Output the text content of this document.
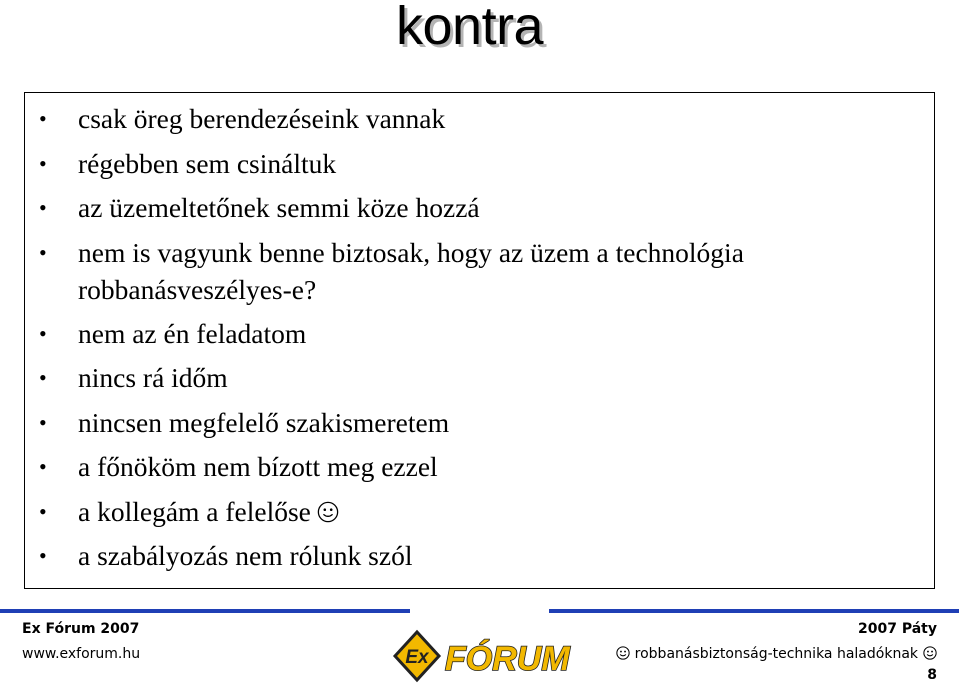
kontra
• csak öreg berendezéseink vannak
• régebben sem csináltuk
• az üzemeltetőnek semmi köze hozzá
• nem is vagyunk benne biztosak, hogy az üzem a technológia robbanásveszélyes-e?
• nem az én feladatom
• nincs rá időm
• nincsen megfelelő szakismeretem
• a főnököm nem bízott meg ezzel
• a kollegám a felelőse
• a szabályozás nem rólunk szól
Ex Fórum 2007
www.exforum.hu
2007 Páty
robbanásbiztonság-technika haladóknak
Ex FÓRUM	8
